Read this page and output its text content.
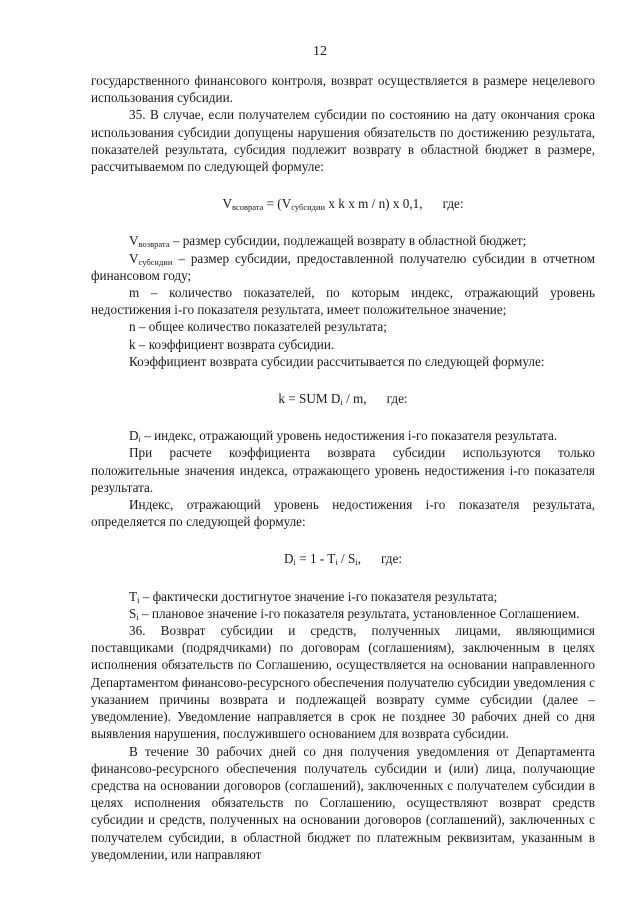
12

государственного финансового контроля, возврат осуществляется в размере нецелевого использования субсидии.

35. В случае, если получателем субсидии по состоянию на дату окончания срока использования субсидии допущены нарушения обязательств по достижению результата, показателей результата, субсидия подлежит возврату в областной бюджет в размере, рассчитываемом по следующей формуле:

$V_{всовратa} = (V_{субсидии}$ x k x m / n) x 0,1, где:

$V_{возврата}$ – размер субсидии, подлежащей возврату в областной бюджет;

$V_{субсидии}$ – размер субсидии, предоставленной получателю субсидии в отчетном финансовом году;

m – количество показателей, по которым индекс, отражающий уровень недостижения i-го показателя результата, имеет положительное значение;

n – общее количество показателей результата;

k – коэффициент возврата субсидии.

Коэффициент возврата субсидии рассчитывается по следующей формуле:

k = SUM $D_i$ / m, где:

$D_i$ – индекс, отражающий уровень недостижения i-го показателя результата.

При расчете коэффициента возврата субсидии используются только положительные значения индекса, отражающего уровень недостижения i-го показателя результата.

Индекс, отражающий уровень недостижения i-го показателя результата, определяется по следующей формуле:

$D_i = 1 - T_i / S_i$, где:

$T_i$ – фактически достигнутое значение i-го показателя результата;

$S_i$ – плановое значение i-го показателя результата, установленное Соглашением.

36. Возврат субсидии и средств, полученных лицами, являющимися поставщиками (подрядчиками) по договорам (соглашениям), заключенным в целях исполнения обязательств по Соглашению, осуществляется на основании направленного Департаментом финансово-ресурсного обеспечения получателю субсидии уведомления с указанием причины возврата и подлежащей возврату сумме субсидии (далее – уведомление). Уведомление направляется в срок не позднее 30 рабочих дней со дня выявления нарушения, послужившего основанием для возврата субсидии.

В течение 30 рабочих дней со дня получения уведомления от Департамента финансово-ресурсного обеспечения получатель субсидии и (или) лица, получающие средства на основании договоров (соглашений), заключенных с получателем субсидии в целях исполнения обязательств по Соглашению, осуществляют возврат средств субсидии и средств, полученных на основании договоров (соглашений), заключенных с получателем субсидии, в областной бюджет по платежным реквизитам, указанным в уведомлении, или направляют
